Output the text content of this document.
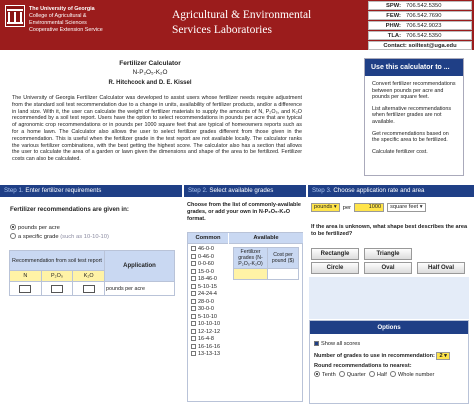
The University of Georgia
College of Agricultural &
Environmental Sciences
Cooperative Extension Service
Agricultural & Environmental
Services Laboratories
SPW: 706.542.5350
FEW: 706.542.7690
PHW: 706.542.9023
TLA: 706.542.5350
Contact: soiltest@uga.edu
Fertilizer Calculator
N-P₂O₅-K₂O
R. Hitchcock and D. E. Kissel
The University of Georgia Fertilizer Calculator was developed to assist users whose fertilizer needs require adjustment from the standard soil test recommendation due to a change in units, availability of fertilizer products, and/or a difference in land size. With it, the user can calculate the weight of fertilizer materials to supply the amounts of N, P₂O₅, and K₂O recommended by a soil test report. Users have the option to select recommendations in pounds per acre that are typical of agronomic crop recommendations or in pounds per 1000 square feet that are typical of homeowners reports such as for a home lawn. The Calculator also allows the user to select fertilizer grades different from those given in the recommendation. This is useful when the fertilizer grade in the test report are not available locally. The calculator ranks the various fertilizer combinations, with the best getting the highest score. The calculator also has a section that allows the user to calculate the area of a garden or lawn given the dimensions and shape of the area to be fertilized. Fertilizer costs can also be calculated.
Use this calculator to ...
Convert fertilizer recommendations between pounds per acre and pounds per square feet.
List alternative recommendations when fertilizer grades are not available.
Get recommendations based on the specific area to be fertilized.
Calculate fertilizer cost.
Step 1. Enter fertilizer requirements	Step 2. Select available grades	Step 3. Choose application rate and area
Fertilizer recommendations are given in:
pounds per acre
a specific grade (such as 10-10-10)
Recommendation from soil test report			Application
N	P₂O₅	K₂O	
			pounds per acre
Choose from the list of commonly-available grades, or add your own in N-P₂O₅-K₂O format.
Common	Available
46-0-0
0-46-0
0-0-60
15-0-0
18-46-0
5-10-15
24-24-4
28-0-0
30-0-0
5-10-10
10-10-10
12-12-12
16-4-8
16-16-16
13-13-13
Fertilizer grades (N-P₂O₅-K₂O)	Cost per pound ($)

pounds ▾	per	1000	square feet ▾
If the area is unknown, what shape best describes the area to be fertilized?
Rectangle	Triangle
Circle	Oval	Half Oval
Options
Show all scores
Number of grades to use in recommendation: 2 ▾
Round recommendations to nearest:
Tenth Quarter Half Whole number
